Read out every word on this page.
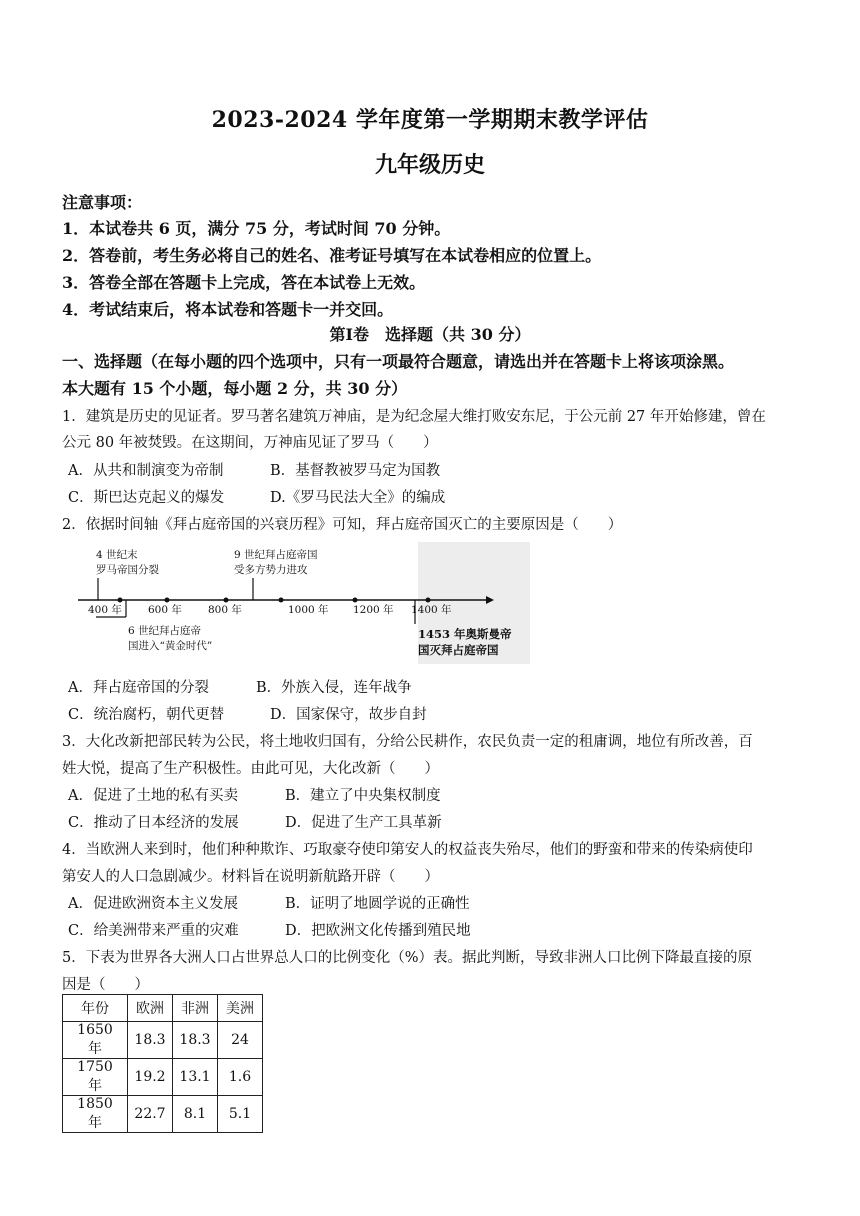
2023-2024 学年度第一学期期末教学评估
九年级历史
注意事项：
1．本试卷共 6 页，满分 75 分，考试时间 70 分钟。
2．答卷前，考生务必将自己的姓名、准考证号填写在本试卷相应的位置上。
3．答卷全部在答题卡上完成，答在本试卷上无效。
4．考试结束后，将本试卷和答题卡一并交回。
第Ⅰ卷　选择题（共 30 分）
一、选择题（在每小题的四个选项中，只有一项最符合题意，请选出并在答题卡上将该项涂黑。
本大题有 15 个小题，每小题 2 分，共 30 分）
1．建筑是历史的见证者。罗马著名建筑万神庙，是为纪念屋大维打败安东尼，于公元前 27 年开始修建，曾在
公元 80 年被焚毁。在这期间，万神庙见证了罗马（　　）
A．从共和制演变为帝制	B．基督教被罗马定为国教
C．斯巴达克起义的爆发	D.《罗马民法大全》的编成
2．依据时间轴《拜占庭帝国的兴衰历程》可知，拜占庭帝国灭亡的主要原因是（　　）
400 年 600 年 800 年	1000 年 1200 年 1400 年
4 世纪末
罗马帝国分裂
6 世纪拜占庭帝
国进入“黄金时代”
9 世纪拜占庭帝国
受多方势力进攻
1453 年奥斯曼帝
国灭拜占庭帝国
A．拜占庭帝国的分裂	B．外族入侵，连年战争
C．统治腐朽，朝代更替	D．国家保守，故步自封
3．大化改新把部民转为公民，将土地收归国有，分给公民耕作，农民负责一定的租庸调，地位有所改善，百
姓大悦，提高了生产积极性。由此可见，大化改新（　　）
A．促进了土地的私有买卖	B．建立了中央集权制度
C．推动了日本经济的发展	D．促进了生产工具革新
4．当欧洲人来到时，他们种种欺诈、巧取豪夺使印第安人的权益丧失殆尽，他们的野蛮和带来的传染病使印
第安人的人口急剧减少。材料旨在说明新航路开辟（　　）
A．促进欧洲资本主义发展	B．证明了地圆学说的正确性
C．给美洲带来严重的灾难	D．把欧洲文化传播到殖民地
5．下表为世界各大洲人口占世界总人口的比例变化（%）表。据此判断，导致非洲人口比例下降最直接的原
因是（　　）
年份	欧洲	非洲	美洲
1650 年	18.3	18.3	24
1750 年	19.2	13.1	1.6
1850 年	22.7	8.1	5.1
